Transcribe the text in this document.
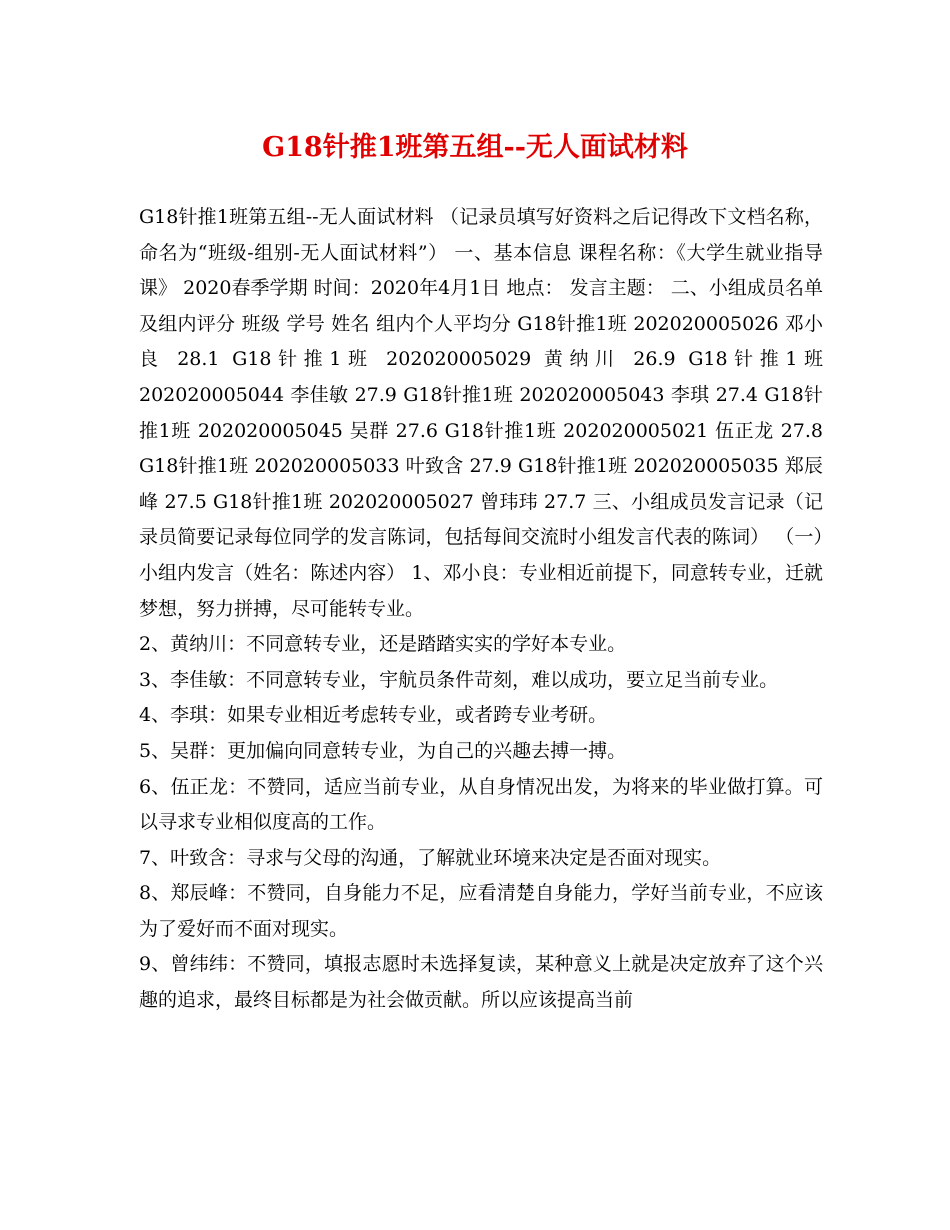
G18针推1班第五组--无人面试材料

G18针推1班第五组--无人面试材料 （记录员填写好资料之后记得改下文档名称，命名为“班级-组别-无人面试材料”） 一、基本信息 课程名称：《大学生就业指导课》 2020春季学期 时间：2020年4月1日 地点： 发言主题： 二、小组成员名单及组内评分 班级 学号 姓名 组内个人平均分 G18针推1班 202020005026 邓小良 28.1 G18针推1班 202020005029 黄纳川 26.9 G18针推1班 202020005044 李佳敏 27.9 G18针推1班 202020005043 李琪 27.4 G18针推1班 202020005045 吴群 27.6 G18针推1班 202020005021 伍正龙 27.8 G18针推1班 202020005033 叶致含 27.9 G18针推1班 202020005035 郑辰峰 27.5 G18针推1班 202020005027 曾玮玮 27.7 三、小组成员发言记录（记录员简要记录每位同学的发言陈词，包括每间交流时小组发言代表的陈词） （一）小组内发言（姓名：陈述内容） 1、邓小良：专业相近前提下，同意转专业，迁就梦想，努力拼搏，尽可能转专业。

2、黄纳川：不同意转专业，还是踏踏实实的学好本专业。

3、李佳敏：不同意转专业，宇航员条件苛刻，难以成功，要立足当前专业。

4、李琪：如果专业相近考虑转专业，或者跨专业考研。

5、吴群：更加偏向同意转专业，为自己的兴趣去搏一搏。

6、伍正龙：不赞同，适应当前专业，从自身情况出发，为将来的毕业做打算。可以寻求专业相似度高的工作。

7、叶致含：寻求与父母的沟通，了解就业环境来决定是否面对现实。

8、郑辰峰：不赞同，自身能力不足，应看清楚自身能力，学好当前专业，不应该为了爱好而不面对现实。

9、曾纬纬：不赞同，填报志愿时未选择复读，某种意义上就是决定放弃了这个兴趣的追求，最终目标都是为社会做贡献。所以应该提高当前
